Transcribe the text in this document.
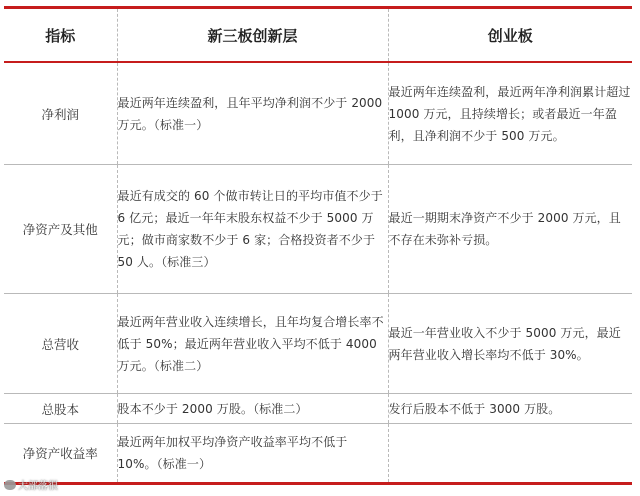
指标	新三板创新层	创业板
净利润	最近两年连续盈利，且年平均净利润不少于 2000 万元。（标准一）	最近两年连续盈利，最近两年净利润累计超过 1000 万元，且持续增长；或者最近一年盈利，且净利润不少于 500 万元。
净资产及其他	最近有成交的 60 个做市转让日的平均市值不少于 6 亿元；最近一年年末股东权益不少于 5000 万元；做市商家数不少于 6 家；合格投资者不少于 50 人。（标准三）	最近一期期末净资产不少于 2000 万元，且不存在未弥补亏损。
总营收	最近两年营业收入连续增长，且年均复合增长率不低于 50%；最近两年营业收入平均不低于 4000 万元。（标准二）	最近一年营业收入不少于 5000 万元，最近两年营业收入增长率均不低于 30%。
总股本	股本不少于 2000 万股。（标准二）	发行后股本不低于 3000 万股。
净资产收益率	最近两年加权平均净资产收益率平均不低于 10%。（标准一）	
大部落很
